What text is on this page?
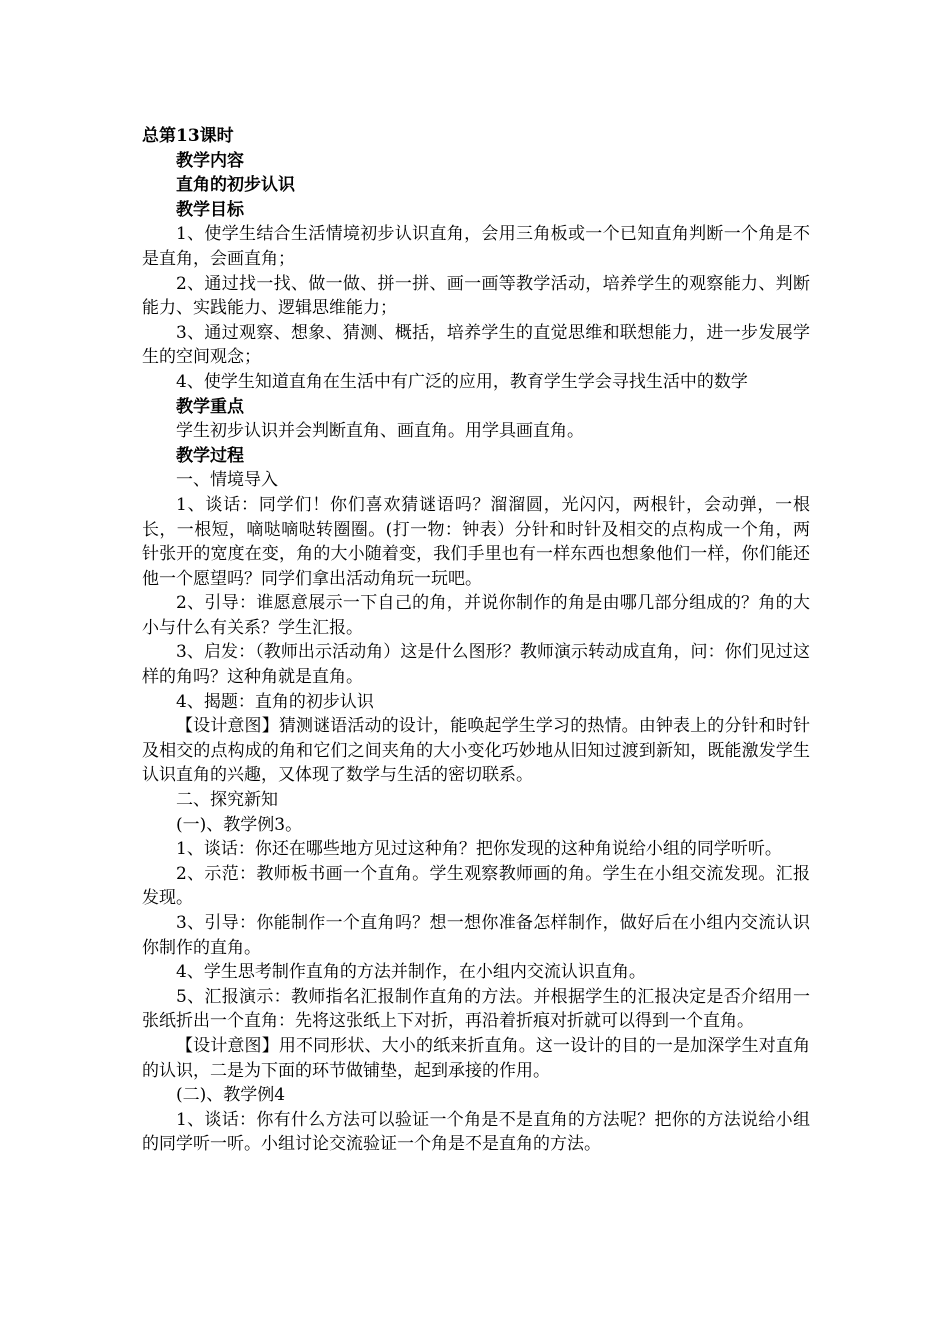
总第13课时

教学内容

直角的初步认识

教学目标

1、使学生结合生活情境初步认识直角，会用三角板或一个已知直角判断一个角是不是直角，会画直角；

2、通过找一找、做一做、拼一拼、画一画等教学活动，培养学生的观察能力、判断能力、实践能力、逻辑思维能力；

3、通过观察、想象、猜测、概括，培养学生的直觉思维和联想能力，进一步发展学生的空间观念；

4、使学生知道直角在生活中有广泛的应用，教育学生学会寻找生活中的数学

教学重点

学生初步认识并会判断直角、画直角。用学具画直角。

教学过程

一、情境导入

1、谈话：同学们！你们喜欢猜谜语吗？溜溜圆，光闪闪，两根针，会动弹，一根长，一根短，嘀哒嘀哒转圈圈。(打一物：钟表）分针和时针及相交的点构成一个角，两针张开的宽度在变，角的大小随着变，我们手里也有一样东西也想象他们一样，你们能还他一个愿望吗？同学们拿出活动角玩一玩吧。

2、引导：谁愿意展示一下自己的角，并说你制作的角是由哪几部分组成的？角的大小与什么有关系？学生汇报。

3、启发：（教师出示活动角）这是什么图形？教师演示转动成直角，问：你们见过这样的角吗？这种角就是直角。

4、揭题：直角的初步认识

【设计意图】猜测谜语活动的设计，能唤起学生学习的热情。由钟表上的分针和时针及相交的点构成的角和它们之间夹角的大小变化巧妙地从旧知过渡到新知，既能激发学生认识直角的兴趣，又体现了数学与生活的密切联系。

二、探究新知

(一)、教学例3。

1、谈话：你还在哪些地方见过这种角？把你发现的这种角说给小组的同学听听。

2、示范：教师板书画一个直角。学生观察教师画的角。学生在小组交流发现。汇报发现。

3、引导：你能制作一个直角吗？想一想你准备怎样制作，做好后在小组内交流认识你制作的直角。

4、学生思考制作直角的方法并制作，在小组内交流认识直角。

5、汇报演示：教师指名汇报制作直角的方法。并根据学生的汇报决定是否介绍用一张纸折出一个直角：先将这张纸上下对折，再沿着折痕对折就可以得到一个直角。

【设计意图】用不同形状、大小的纸来折直角。这一设计的目的一是加深学生对直角的认识，二是为下面的环节做铺垫，起到承接的作用。

(二)、教学例4

1、谈话：你有什么方法可以验证一个角是不是直角的方法呢？把你的方法说给小组的同学听一听。小组讨论交流验证一个角是不是直角的方法。
